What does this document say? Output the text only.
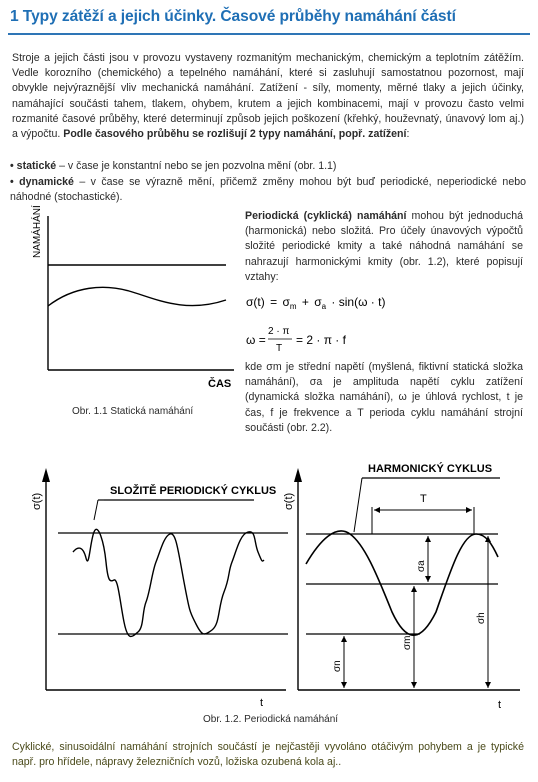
1 Typy zátěží a jejich účinky. Časové průběhy namáhání částí
Stroje a jejich části jsou v provozu vystaveny rozmanitým mechanickým, chemickým a teplotním zátěžím. Vedle korozního (chemického) a tepelného namáhání, které si zasluhují samostatnou pozornost, mají obvykle nejvýraznější vliv mechanická namáhání. Zatížení - síly, momenty, měrné tlaky a jejich účinky, namáhající součásti tahem, tlakem, ohybem, krutem a jejich kombinacemi, mají v provozu často velmi rozmanité časové průběhy, které determinují způsob jejich poškození (křehký, houževnatý, únavový lom aj.) a výpočtu. Podle časového průběhu se rozlišují 2 typy namáhání, popř. zatížení:
• statické – v čase je konstantní nebo se jen pozvolna mění (obr. 1.1)
• dynamické – v čase se výrazně mění, přičemž změny mohou být buď periodické, neperiodické nebo náhodné (stochastické).
NAMÁHÁNÍ
ČAS
Obr. 1.1 Statická namáhání
Periodická (cyklická) namáhání mohou být jednoduchá (harmonická) nebo složitá. Pro účely únavových výpočtů složité periodické kmity a také náhodná namáhání se nahrazují harmonickými kmity (obr. 1.2), které popisují vztahy:
$\sigma(t) = \sigma_m + \sigma_a \cdot \sin(\omega \cdot t)$
ω =
2 · π
T
= 2 · π · f
kde σm je střední napětí (myšlená, fiktivní statická složka namáhání), σa je amplituda napětí cyklu zatížení (dynamická složka namáhání), ω je úhlová rychlost, t je čas, f je frekvence a T perioda cyklu namáhání strojní součásti (obr. 2.2).
σ(t)
SLOŽITĚ PERIODICKÝ CYKLUS
t
σ(t)
HARMONICKÝ CYKLUS
T
σa
σm
σh
σn
t
Obr. 1.2. Periodická namáhání
Cyklické, sinusoidální namáhání strojních součástí je nejčastěji vyvoláno otáčivým pohybem a je typické např. pro hřídele, nápravy železničních vozů, ložiska ozubená kola aj..
